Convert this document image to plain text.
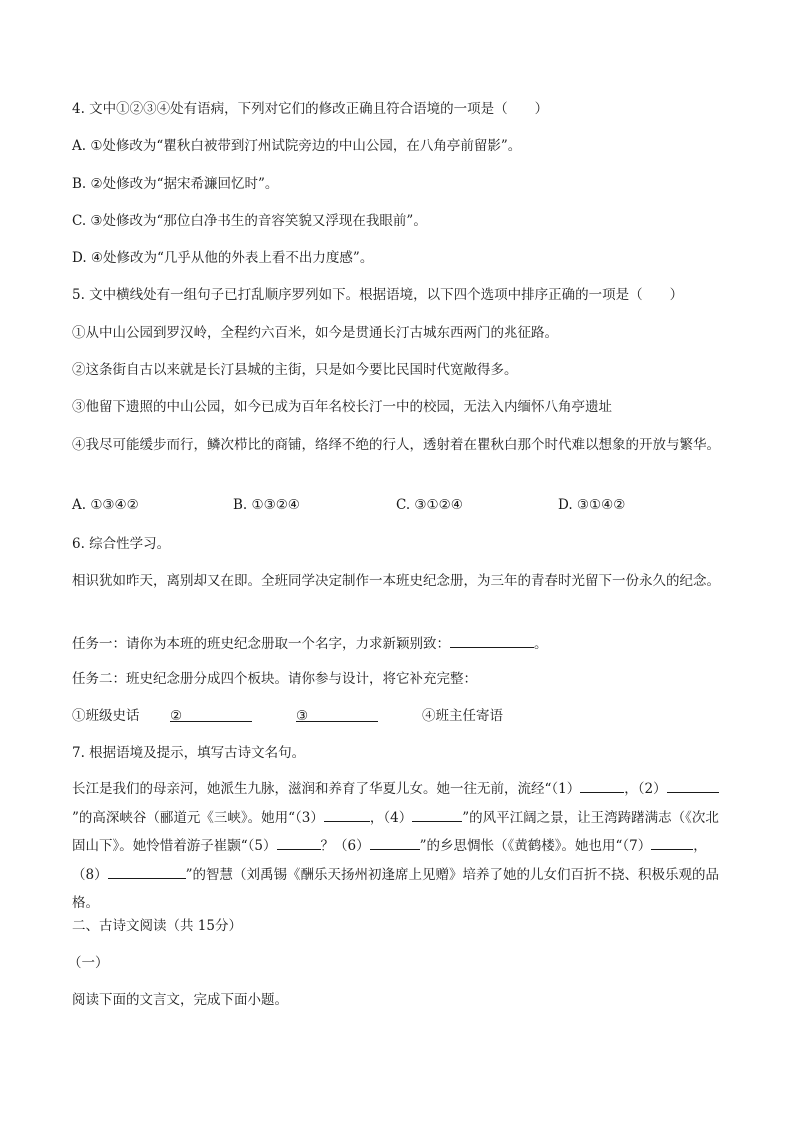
4. 文中①②③④处有语病，下列对它们的修改正确且符合语境的一项是（　　）
A. ①处修改为“瞿秋白被带到汀州试院旁边的中山公园，在八角亭前留影”。
B. ②处修改为“据宋希濂回忆时”。
C. ③处修改为“那位白净书生的音容笑貌又浮现在我眼前”。
D. ④处修改为“几乎从他的外表上看不出力度感”。
5. 文中横线处有一组句子已打乱顺序罗列如下。根据语境，以下四个选项中排序正确的一项是（　　）
①从中山公园到罗汉岭，全程约六百米，如今是贯通长汀古城东西两门的兆征路。
②这条街自古以来就是长汀县城的主街，只是如今要比民国时代宽敞得多。
③他留下遗照的中山公园，如今已成为百年名校长汀一中的校园，无法入内缅怀八角亭遗址
④我尽可能缓步而行，鳞次栉比的商铺，络绎不绝的行人，透射着在瞿秋白那个时代难以想象的开放与繁华。
A. ①③④②	B. ①③②④	C. ③①②④	D. ③①④②
6. 综合性学习。
相识犹如昨天，离别却又在即。全班同学决定制作一本班史纪念册，为三年的青春时光留下一份永久的纪念。
任务一：请你为本班的班史纪念册取一个名字，力求新颖别致：	。
任务二：班史纪念册分成四个板块。请你参与设计，将它补充完整：
①班级史话 ②	③	④班主任寄语
7. 根据语境及提示，填写古诗文名句。
长江是我们的母亲河，她派生九脉，滋润和养育了华夏儿女。她一往无前，流经“（1）	，（2）”的高深峡谷（郦道元《三峡》。她用“（3）	，（4）	”的风平江阔之景，让王湾踌躇满志（《次北固山下》。她怜惜着游子崔颢“（5）	？（6）	”的乡思惆怅（《黄鹤楼》。她也用“（7）	，（8）	”的智慧（刘禹锡《酬乐天扬州初逢席上见赠》培养了她的儿女们百折不挠、积极乐观的品格。
二、古诗文阅读（共 15分）
（一）
阅读下面的文言文，完成下面小题。
